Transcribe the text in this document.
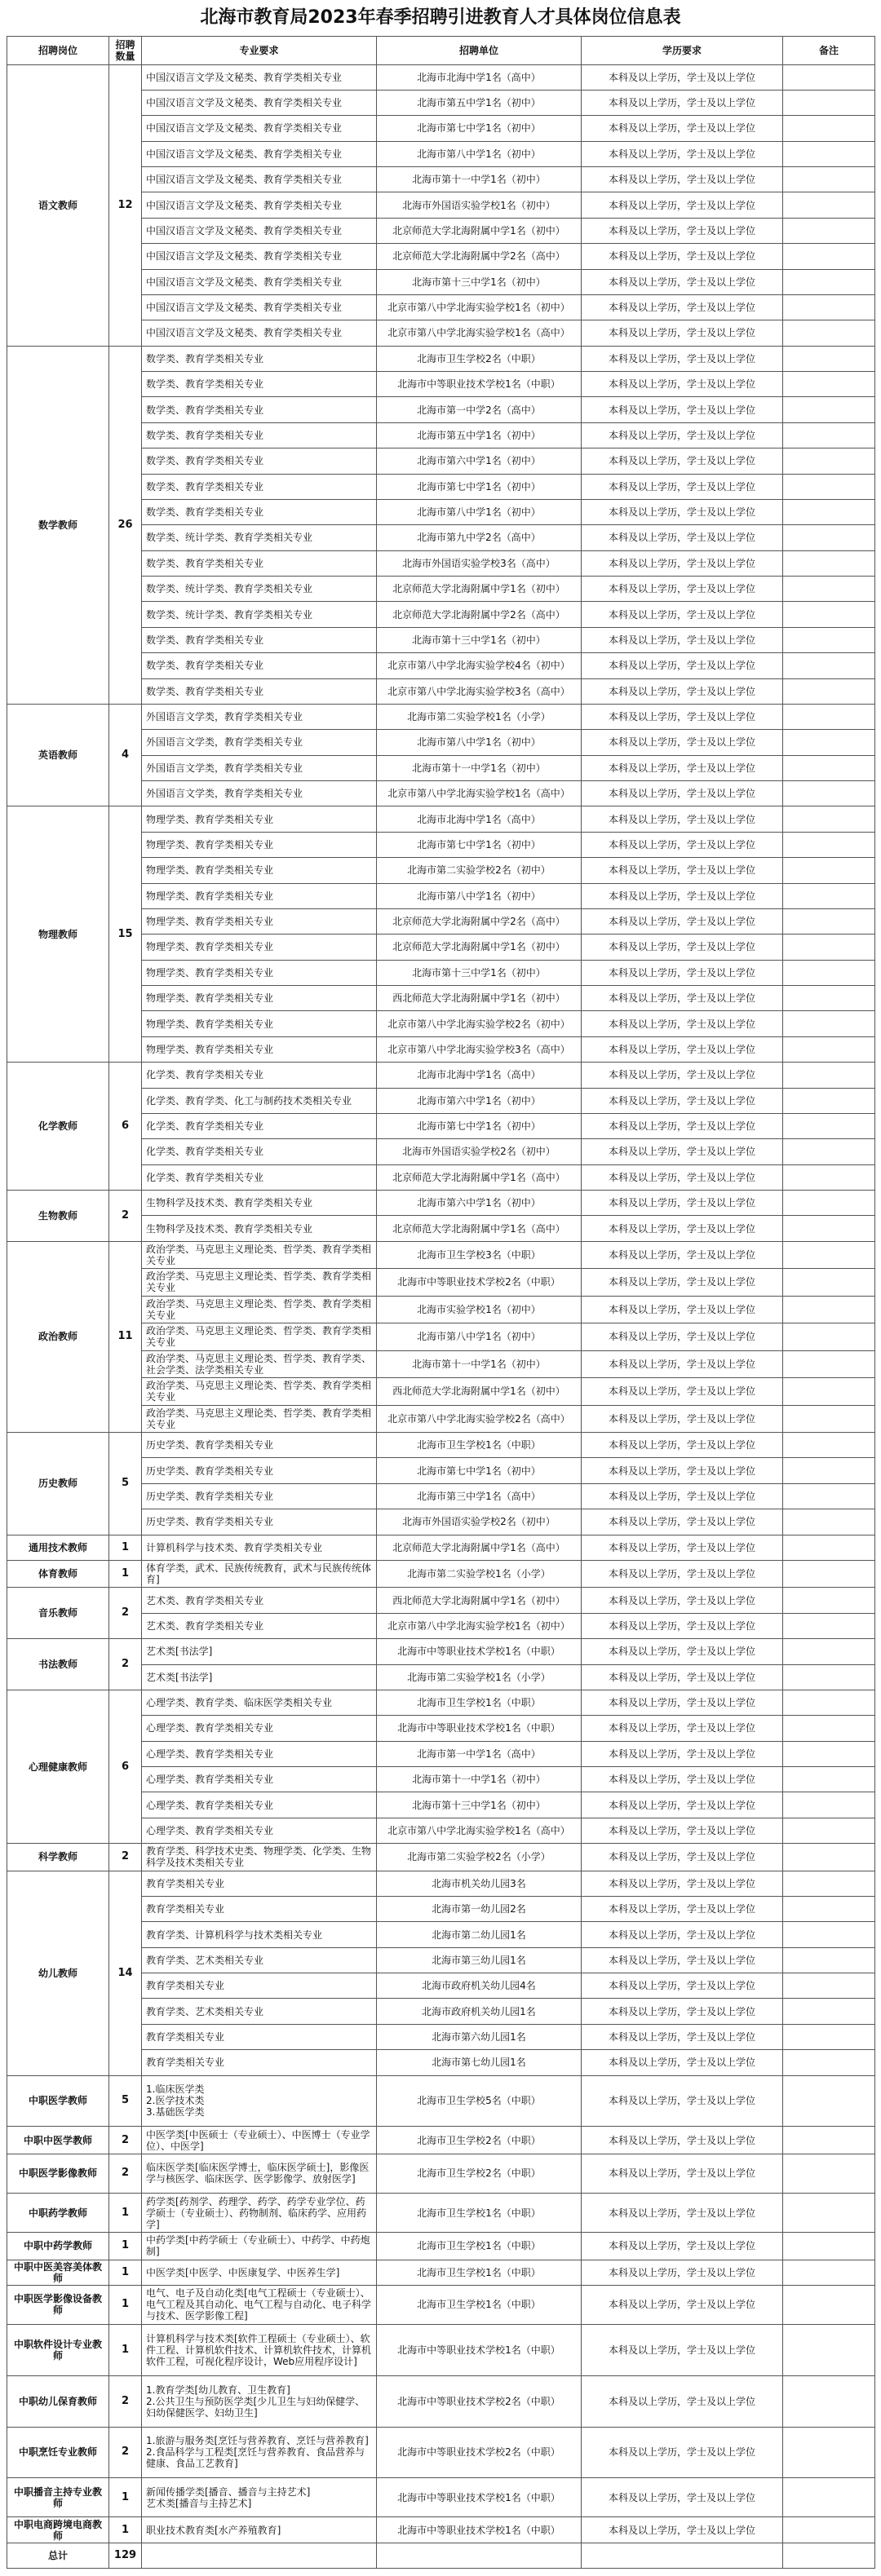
北海市教育局2023年春季招聘引进教育人才具体岗位信息表
招聘岗位	招聘数量	专业要求	招聘单位	学历要求	备注
语文教师	12	中国汉语言文学及文秘类、教育学类相关专业	北海市北海中学1名（高中）	本科及以上学历，学士及以上学位	
		中国汉语言文学及文秘类、教育学类相关专业	北海市第五中学1名（初中）	本科及以上学历，学士及以上学位	
		中国汉语言文学及文秘类、教育学类相关专业	北海市第七中学1名（初中）	本科及以上学历，学士及以上学位	
		中国汉语言文学及文秘类、教育学类相关专业	北海市第八中学1名（初中）	本科及以上学历，学士及以上学位	
		中国汉语言文学及文秘类、教育学类相关专业	北海市第十一中学1名（初中）	本科及以上学历，学士及以上学位	
		中国汉语言文学及文秘类、教育学类相关专业	北海市外国语实验学校1名（初中）	本科及以上学历，学士及以上学位	
		中国汉语言文学及文秘类、教育学类相关专业	北京师范大学北海附属中学1名（初中）	本科及以上学历，学士及以上学位	
		中国汉语言文学及文秘类、教育学类相关专业	北京师范大学北海附属中学2名（高中）	本科及以上学历，学士及以上学位	
		中国汉语言文学及文秘类、教育学类相关专业	北海市第十三中学1名（初中）	本科及以上学历，学士及以上学位	
		中国汉语言文学及文秘类、教育学类相关专业	北京市第八中学北海实验学校1名（初中）	本科及以上学历，学士及以上学位	
		中国汉语言文学及文秘类、教育学类相关专业	北京市第八中学北海实验学校1名（高中）	本科及以上学历，学士及以上学位	
数学教师	26	数学类、教育学类相关专业	北海市卫生学校2名（中职）	本科及以上学历，学士及以上学位	
		数学类、教育学类相关专业	北海市中等职业技术学校1名（中职）	本科及以上学历，学士及以上学位	
		数学类、教育学类相关专业	北海市第一中学2名（高中）	本科及以上学历，学士及以上学位	
		数学类、教育学类相关专业	北海市第五中学1名（初中）	本科及以上学历，学士及以上学位	
		数学类、教育学类相关专业	北海市第六中学1名（初中）	本科及以上学历，学士及以上学位	
		数学类、教育学类相关专业	北海市第七中学1名（初中）	本科及以上学历，学士及以上学位	
		数学类、教育学类相关专业	北海市第八中学1名（初中）	本科及以上学历，学士及以上学位	
		数学类、统计学类、教育学类相关专业	北海市第九中学2名（高中）	本科及以上学历，学士及以上学位	
		数学类、教育学类相关专业	北海市外国语实验学校3名（高中）	本科及以上学历，学士及以上学位	
		数学类、统计学类、教育学类相关专业	北京师范大学北海附属中学1名（初中）	本科及以上学历，学士及以上学位	
		数学类、统计学类、教育学类相关专业	北京师范大学北海附属中学2名（高中）	本科及以上学历，学士及以上学位	
		数学类、教育学类相关专业	北海市第十三中学1名（初中）	本科及以上学历，学士及以上学位	
		数学类、教育学类相关专业	北京市第八中学北海实验学校4名（初中）	本科及以上学历，学士及以上学位	
		数学类、教育学类相关专业	北京市第八中学北海实验学校3名（高中）	本科及以上学历，学士及以上学位	
英语教师	4	外国语言文学类，教育学类相关专业	北海市第二实验学校1名（小学）	本科及以上学历，学士及以上学位	
		外国语言文学类，教育学类相关专业	北海市第八中学1名（初中）	本科及以上学历，学士及以上学位	
		外国语言文学类，教育学类相关专业	北海市第十一中学1名（初中）	本科及以上学历，学士及以上学位	
		外国语言文学类，教育学类相关专业	北京市第八中学北海实验学校1名（高中）	本科及以上学历，学士及以上学位	
物理教师	15	物理学类、教育学类相关专业	北海市北海中学1名（高中）	本科及以上学历，学士及以上学位	
		物理学类、教育学类相关专业	北海市第七中学1名（初中）	本科及以上学历，学士及以上学位	
		物理学类、教育学类相关专业	北海市第二实验学校2名（初中）	本科及以上学历，学士及以上学位	
		物理学类、教育学类相关专业	北海市第八中学1名（初中）	本科及以上学历，学士及以上学位	
		物理学类、教育学类相关专业	北京师范大学北海附属中学2名（高中）	本科及以上学历，学士及以上学位	
		物理学类、教育学类相关专业	北京师范大学北海附属中学1名（初中）	本科及以上学历，学士及以上学位	
		物理学类、教育学类相关专业	北海市第十三中学1名（初中）	本科及以上学历，学士及以上学位	
		物理学类、教育学类相关专业	西北师范大学北海附属中学1名（初中）	本科及以上学历，学士及以上学位	
		物理学类、教育学类相关专业	北京市第八中学北海实验学校2名（初中）	本科及以上学历，学士及以上学位	
		物理学类、教育学类相关专业	北京市第八中学北海实验学校3名（高中）	本科及以上学历，学士及以上学位	
化学教师	6	化学类、教育学类相关专业	北海市北海中学1名（高中）	本科及以上学历，学士及以上学位	
		化学类、教育学类、化工与制药技术类相关专业	北海市第六中学1名（初中）	本科及以上学历，学士及以上学位	
		化学类、教育学类相关专业	北海市第七中学1名（初中）	本科及以上学历，学士及以上学位	
		化学类、教育学类相关专业	北海市外国语实验学校2名（初中）	本科及以上学历，学士及以上学位	
		化学类、教育学类相关专业	北京师范大学北海附属中学1名（高中）	本科及以上学历，学士及以上学位	
生物教师	2	生物科学及技术类、教育学类相关专业	北海市第六中学1名（初中）	本科及以上学历，学士及以上学位	
		生物科学及技术类、教育学类相关专业	北京师范大学北海附属中学1名（高中）	本科及以上学历，学士及以上学位	
政治教师	11	政治学类、马克思主义理论类、哲学类、教育学类相关专业	北海市卫生学校3名（中职）	本科及以上学历，学士及以上学位	
		政治学类、马克思主义理论类、哲学类、教育学类相关专业	北海市中等职业技术学校2名（中职）	本科及以上学历，学士及以上学位	
		政治学类、马克思主义理论类、哲学类、教育学类相关专业	北海市实验学校1名（初中）	本科及以上学历，学士及以上学位	
		政治学类、马克思主义理论类、哲学类、教育学类相关专业	北海市第八中学1名（初中）	本科及以上学历，学士及以上学位	
		政治学类、马克思主义理论类、哲学类、教育学类、社会学类、法学类相关专业	北海市第十一中学1名（初中）	本科及以上学历，学士及以上学位	
		政治学类、马克思主义理论类、哲学类、教育学类相关专业	西北师范大学北海附属中学1名（初中）	本科及以上学历，学士及以上学位	
		政治学类、马克思主义理论类、哲学类、教育学类相关专业	北京市第八中学北海实验学校2名（高中）	本科及以上学历，学士及以上学位	
历史教师	5	历史学类、教育学类相关专业	北海市卫生学校1名（中职）	本科及以上学历，学士及以上学位	
		历史学类、教育学类相关专业	北海市第七中学1名（初中）	本科及以上学历，学士及以上学位	
		历史学类、教育学类相关专业	北海市第三中学1名（高中）	本科及以上学历，学士及以上学位	
		历史学类、教育学类相关专业	北海市外国语实验学校2名（初中）	本科及以上学历，学士及以上学位	
通用技术教师	1	计算机科学与技术类、教育学类相关专业	北京师范大学北海附属中学1名（高中）	本科及以上学历，学士及以上学位	
体育教师	1	体育学类，武术、民族传统教育，武术与民族传统体育]	北海市第二实验学校1名（小学）	本科及以上学历，学士及以上学位	
音乐教师	2	艺术类、教育学类相关专业	西北师范大学北海附属中学1名（初中）	本科及以上学历，学士及以上学位	
		艺术类、教育学类相关专业	北京市第八中学北海实验学校1名（初中）	本科及以上学历，学士及以上学位	
书法教师	2	艺术类[书法学]	北海市中等职业技术学校1名（中职）	本科及以上学历，学士及以上学位	
		艺术类[书法学]	北海市第二实验学校1名（小学）	本科及以上学历，学士及以上学位	
心理健康教师	6	心理学类、教育学类、临床医学类相关专业	北海市卫生学校1名（中职）	本科及以上学历，学士及以上学位	
		心理学类、教育学类相关专业	北海市中等职业技术学校1名（中职）	本科及以上学历，学士及以上学位	
		心理学类、教育学类相关专业	北海市第一中学1名（高中）	本科及以上学历，学士及以上学位	
		心理学类、教育学类相关专业	北海市第十一中学1名（初中）	本科及以上学历，学士及以上学位	
		心理学类、教育学类相关专业	北海市第十三中学1名（初中）	本科及以上学历，学士及以上学位	
		心理学类、教育学类相关专业	北京市第八中学北海实验学校1名（高中）	本科及以上学历，学士及以上学位	
科学教师	2	教育学类、科学技术史类、物理学类、化学类、生物科学及技术类相关专业	北海市第二实验学校2名（小学）	本科及以上学历，学士及以上学位	
幼儿教师	14	教育学类相关专业	北海市机关幼儿园3名	本科及以上学历，学士及以上学位	
		教育学类相关专业	北海市第一幼儿园2名	本科及以上学历，学士及以上学位	
		教育学类、计算机科学与技术类相关专业	北海市第二幼儿园1名	本科及以上学历，学士及以上学位	
		教育学类、艺术类相关专业	北海市第三幼儿园1名	本科及以上学历，学士及以上学位	
		教育学类相关专业	北海市政府机关幼儿园4名	本科及以上学历，学士及以上学位	
		教育学类、艺术类相关专业	北海市政府机关幼儿园1名	本科及以上学历，学士及以上学位	
		教育学类相关专业	北海市第六幼儿园1名	本科及以上学历，学士及以上学位	
		教育学类相关专业	北海市第七幼儿园1名	本科及以上学历，学士及以上学位	
中职医学教师	5	1.临床医学类
2.医学技术类
3.基础医学类	北海市卫生学校5名（中职）	本科及以上学历，学士及以上学位	
中职中医学教师	2	中医学类[中医硕士（专业硕士）、中医博士（专业学位）、中医学]	北海市卫生学校2名（中职）	本科及以上学历，学士及以上学位	
中职医学影像教师	2	临床医学类[临床医学博士，临床医学硕士]，影像医学与核医学、临床医学、医学影像学、放射医学]	北海市卫生学校2名（中职）	本科及以上学历，学士及以上学位	
中职药学教师	1	药学类[药剂学、药理学、药学、药学专业学位、药学硕士（专业硕士）、药物制剂、临床药学、应用药学]	北海市卫生学校1名（中职）	本科及以上学历，学士及以上学位	
中职中药学教师	1	中药学类[中药学硕士（专业硕士）、中药学、中药炮制]	北海市卫生学校1名（中职）	本科及以上学历，学士及以上学位	
中职中医美容美体教师	1	中医学类[中医学、中医康复学、中医养生学]	北海市卫生学校1名（中职）	本科及以上学历，学士及以上学位	
中职医学影像设备教师	1	电气、电子及自动化类[电气工程硕士（专业硕士）、电气工程及其自动化、电气工程与自动化、电子科学与技术、医学影像工程]	北海市卫生学校1名（中职）	本科及以上学历，学士及以上学位	
中职软件设计专业教师	1	计算机科学与技术类[软件工程硕士（专业硕士）、软件工程、计算机软件技术、计算机软件技术，计算机软件工程，可视化程序设计，Web应用程序设计]	北海市中等职业技术学校1名（中职）	本科及以上学历，学士及以上学位	
中职幼儿保育教师	2	1.教育学类[幼儿教育、卫生教育]
2.公共卫生与预防医学类[少儿卫生与妇幼保健学、妇幼保健医学、妇幼卫生]	北海市中等职业技术学校2名（中职）	本科及以上学历，学士及以上学位	
中职烹饪专业教师	2	1.旅游与服务类[烹饪与营养教育、烹饪与营养教育]
2.食品科学与工程类[烹饪与营养教育、食品营养与健康、食品工艺教育]	北海市中等职业技术学校2名（中职）	本科及以上学历，学士及以上学位	
中职播音主持专业教师	1	新闻传播学类[播音、播音与主持艺术]
艺术类[播音与主持艺术]	北海市中等职业技术学校1名（中职）	本科及以上学历，学士及以上学位	
中职电商跨境电商教师	1	职业技术教育类[水产养殖教育]	北海市中等职业技术学校1名（中职）	本科及以上学历，学士及以上学位	
总计	129				
